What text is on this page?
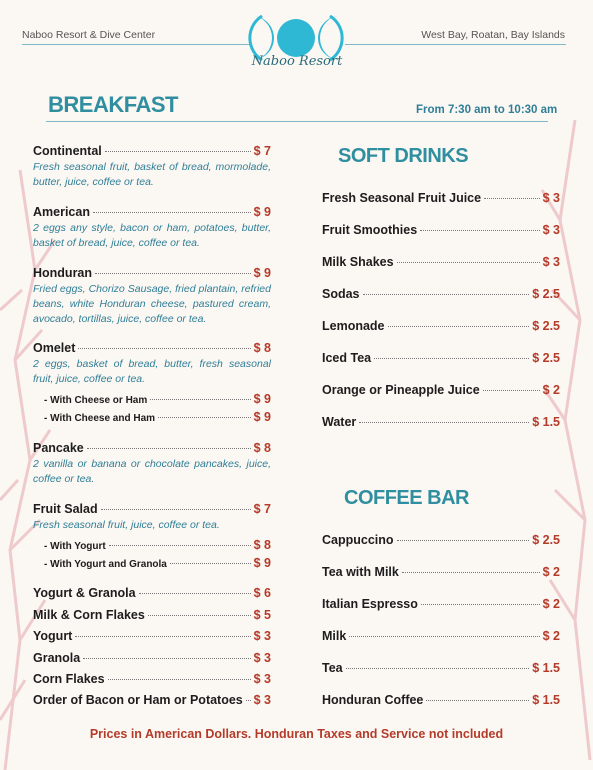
Naboo Resort & Dive Center	West Bay, Roatan, Bay Islands
Naboo Resort
BREAKFAST	From 7:30 am to 10:30 am
Continental	$ 7
Fresh seasonal fruit, basket of bread, mormolade, butter, juice, coffee or tea.
American	$ 9
2 eggs any style, bacon or ham, potatoes, butter, basket of bread, juice, coffee or tea.
Honduran	$ 9
Fried eggs, Chorizo Sausage, fried plantain, refried beans, white Honduran cheese, pastured cream, avocado, tortillas, juice, coffee or tea.
Omelet	$ 8
2 eggs, basket of bread, butter, fresh seasonal fruit, juice, coffee or tea.
- With Cheese or Ham	$ 9
- With Cheese and Ham	$ 9
Pancake	$ 8
2 vanilla or banana or chocolate pancakes, juice, coffee or tea.
Fruit Salad	$ 7
Fresh seasonal fruit, juice, coffee or tea.
- With Yogurt	$ 8
- With Yogurt and Granola	$ 9
Yogurt & Granola	$ 6
Milk & Corn Flakes	$ 5
Yogurt	$ 3
Granola	$ 3
Corn Flakes	$ 3
Order of Bacon or Ham or Potatoes $ 3
SOFT DRINKS
Fresh Seasonal Fruit Juice	$ 3
Fruit Smoothies	$ 3
Milk Shakes	$ 3
Sodas	$ 2.5
Lemonade	$ 2.5
Iced Tea	$ 2.5
Orange or Pineapple Juice	$ 2
Water	$ 1.5
COFFEE BAR
Cappuccino	$ 2.5
Tea with Milk	$ 2
Italian Espresso	$ 2
Milk	$ 2
Tea	$ 1.5
Honduran Coffee	$ 1.5
Prices in American Dollars. Honduran Taxes and Service not included
